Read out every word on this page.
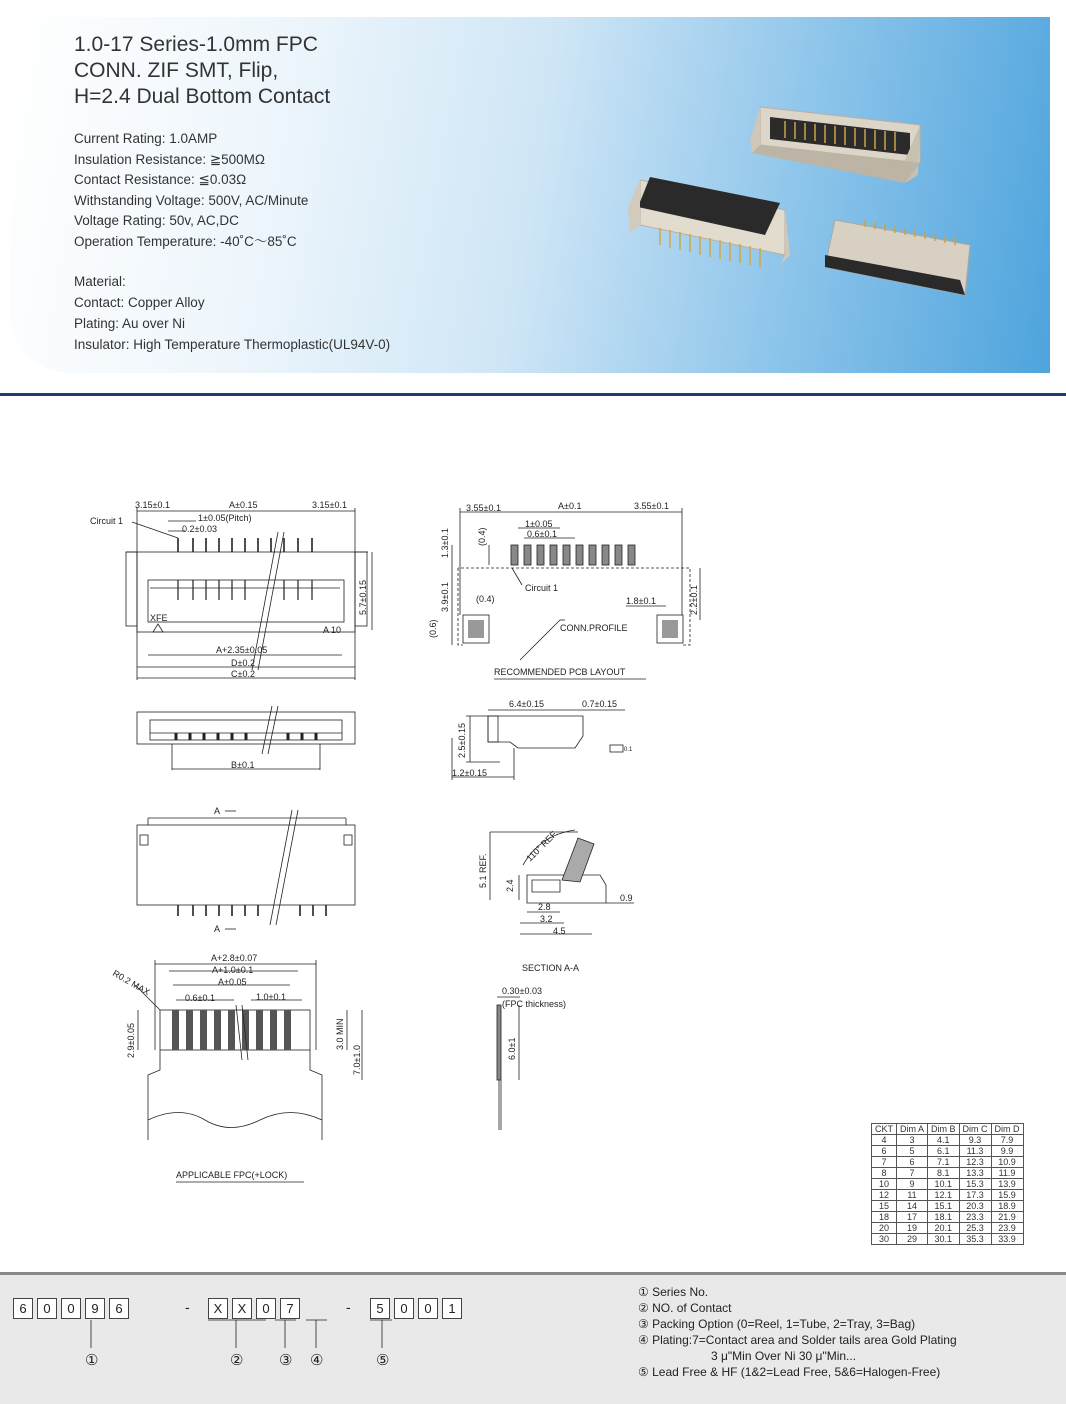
1.0-17 Series-1.0mm FPC
CONN. ZIF SMT, Flip,
H=2.4 Dual Bottom Contact
Current Rating: 1.0AMP
Insulation Resistance: ≧500MΩ
Contact Resistance: ≦0.03Ω
Withstanding Voltage: 500V, AC/Minute
Voltage Rating: 50v, AC,DC
Operation Temperature: -40˚C～85˚C
Material:
Contact: Copper Alloy
Plating: Au over Ni
Insulator: High Temperature Thermoplastic(UL94V-0)
3.15±0.1	A±0.15	3.15±0.1
1±0.05(Pitch)
0.2±0.03
Circuit 1
XFE
A 10
A+2.35±0.05
D±0.2
C±0.2
5.7±0.15
B±0.1
A
A
A+2.8±0.07
A+1.0±0.1
A±0.05
0.6±0.1	1.0±0.1
R0.2 MAX
2.9±0.05	3.0 MIN
7.0±1.0
APPLICABLE FPC(+LOCK)
3.55±0.1	A±0.1	3.55±0.1
1±0.05
0.6±0.1
(0.4)
1.3±0.1
3.9±0.1	(0.4)
(0.6)
Circuit 1
1.8±0.1	2.2±0.1
CONN.PROFILE
RECOMMENDED PCB LAYOUT
6.4±0.15	0.7±0.15
2.5±0.15
1.2±0.15
0.1
110° REF.
5.1 REF. 2.4
2.8
3.2
4.5
0.9
SECTION A-A
0.30±0.03
(FPC thickness)
6.0±1
CKT	Dim A	Dim B	Dim C	Dim D
4	3	4.1	9.3	7.9
6	5	6.1	11.3	9.9
7	6	7.1	12.3	10.9
8	7	8.1	13.3	11.9
10	9	10.1	15.3	13.9
12	11	12.1	17.3	15.9
15	14	15.1	20.3	18.9
18	17	18.1	23.3	21.9
20	19	20.1	25.3	23.9
30	29	30.1	35.3	33.9
6	0	0	9	6	-	X	X	0	7	-	5	0	0	1
①	② ③ ④	⑤
① Series No.
② NO. of Contact
③ Packing Option (0=Reel, 1=Tube, 2=Tray, 3=Bag)
④ Plating:7=Contact area and Solder tails area Gold Plating
3 μ"Min Over Ni 30 μ"Min...
⑤ Lead Free & HF (1&2=Lead Free, 5&6=Halogen-Free)
